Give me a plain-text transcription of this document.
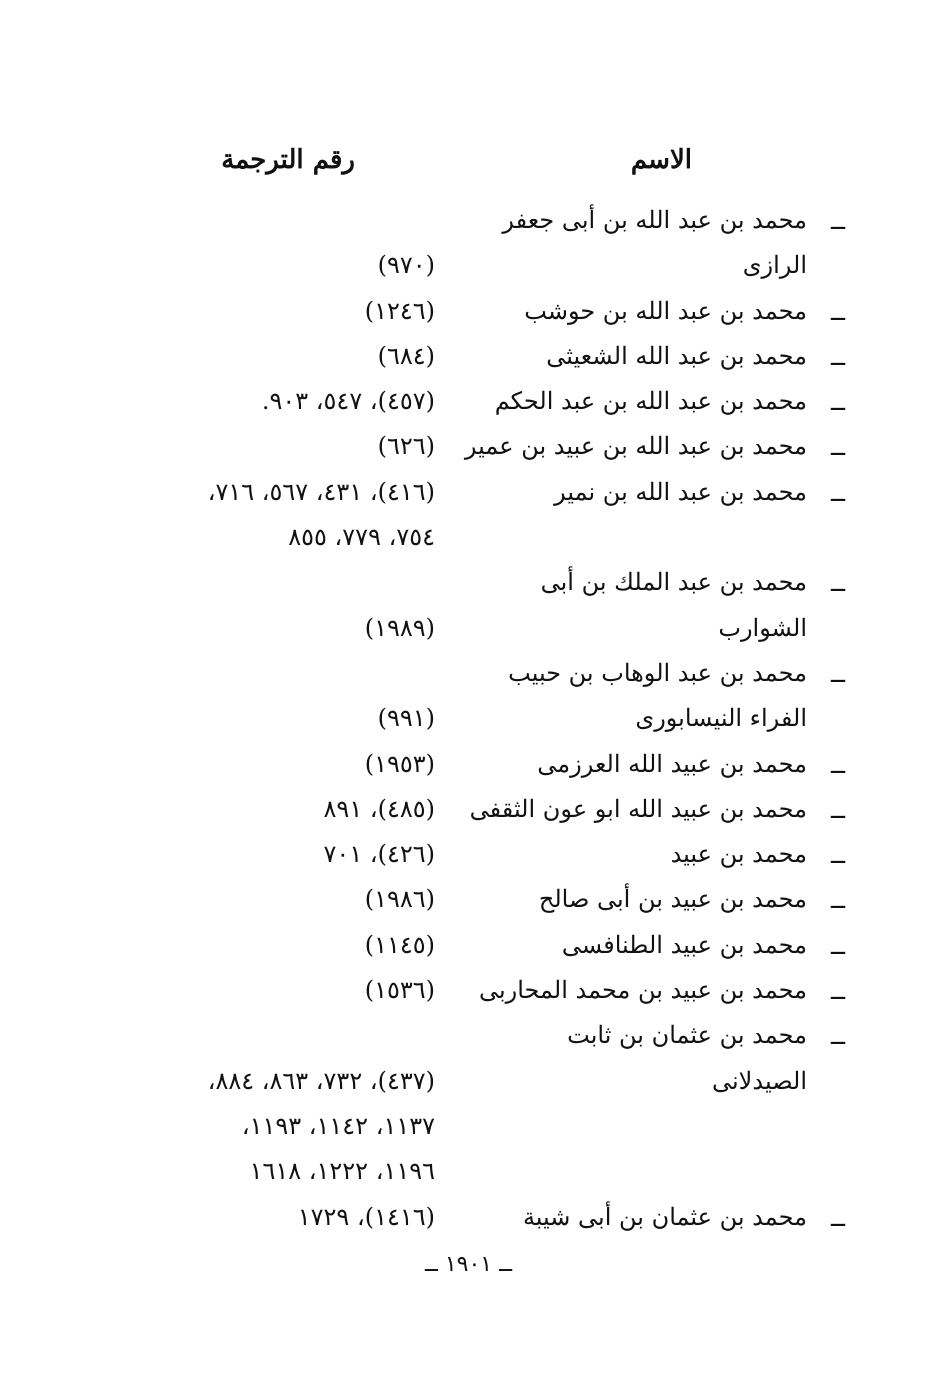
الاسم
رقم الترجمة
ــ
محمد بن عبد الله بن أبى جعفر
الرازى
(٩٧٠)
ــ
محمد بن عبد الله بن حوشب
(١٢٤٦)
ــ
محمد بن عبد الله الشعيثى
(٦٨٤)
ــ
محمد بن عبد الله بن عبد الحكم
(٤٥٧)، ٥٤٧، ٩٠٣.
ــ
محمد بن عبد الله بن عبيد بن عمير
(٦٢٦)
ــ
محمد بن عبد الله بن نمير
(٤١٦)، ٤٣١، ٥٦٧، ٧١٦،
٧٥٤، ٧٧٩، ٨٥٥
ــ
محمد بن عبد الملك بن أبى
الشوارب
(١٩٨٩)
ــ
محمد بن عبد الوهاب بن حبيب
الفراء النيسابورى
(٩٩١)
ــ
محمد بن عبيد الله العرزمى
(١٩٥٣)
ــ
محمد بن عبيد الله ابو عون الثقفى
(٤٨٥)، ٨٩١
ــ
محمد بن عبيد
(٤٢٦)، ٧٠١
ــ
محمد بن عبيد بن أبى صالح
(١٩٨٦)
ــ
محمد بن عبيد الطنافسى
(١١٤٥)
ــ
محمد بن عبيد بن محمد المحاربى
(١٥٣٦)
ــ
محمد بن عثمان بن ثابت
الصيدلانى
(٤٣٧)، ٧٣٢، ٨٦٣، ٨٨٤،
١١٣٧، ١١٤٢، ١١٩٣،
١١٩٦، ١٢٢٢، ١٦١٨
ــ
محمد بن عثمان بن أبى شيبة
(١٤١٦)، ١٧٢٩
ــ ١٩٠١ ــ
